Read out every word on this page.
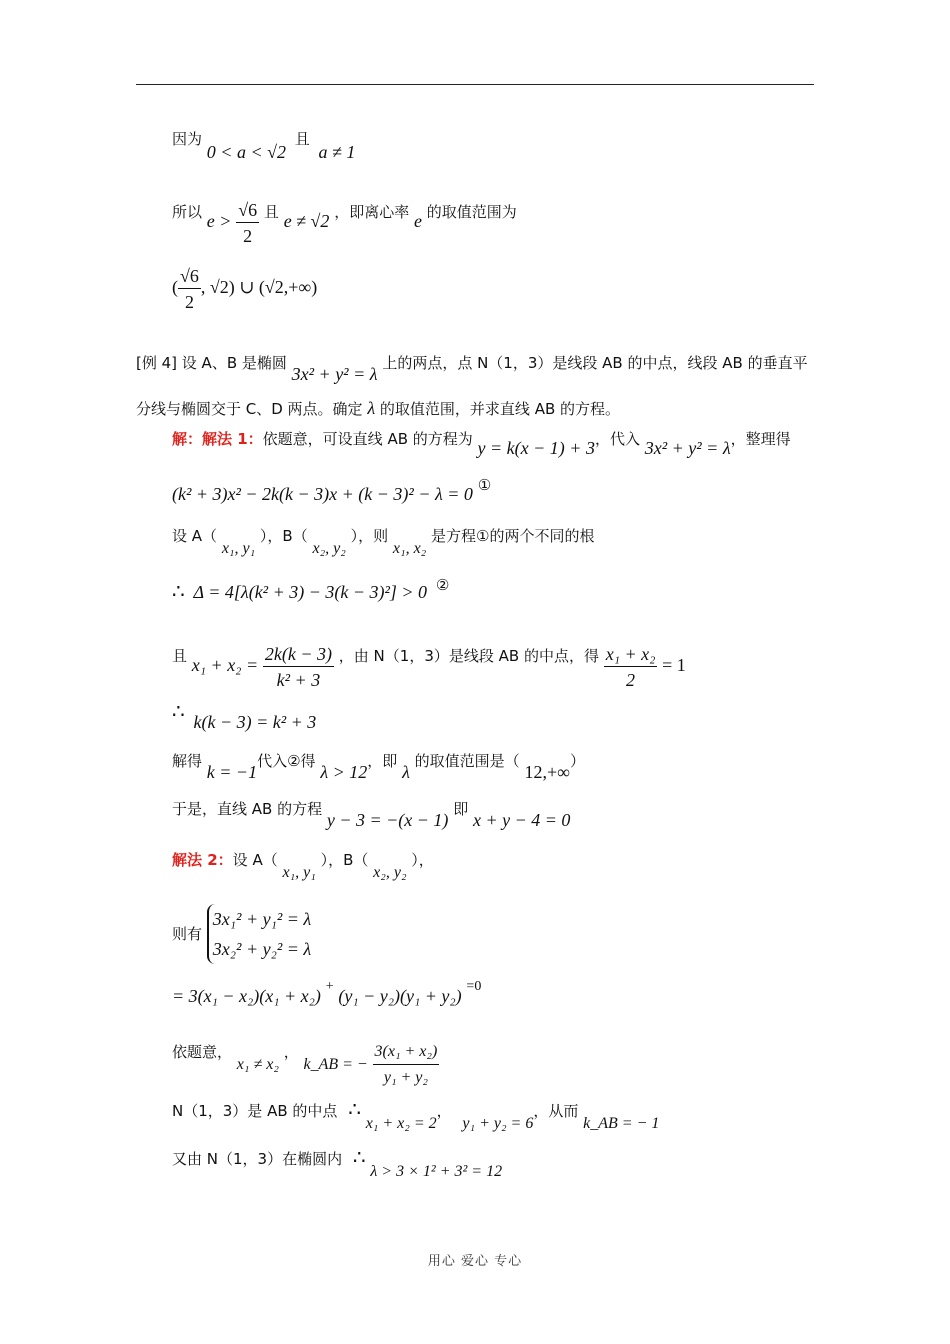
因为 0 < a < √2 且 a ≠ 1
所以 $e > \frac{√6}{2}$ 且 e ≠ √2 ，即离心率 e 的取值范围为
( $\frac{√6}{2}$ , √2) ∪ (√2,+∞)
[例 4] 设 A、B 是椭圆 3x² + y² = λ 上的两点，点 N（1，3）是线段 AB 的中点，线段 AB 的垂直平
分线与椭圆交于 C、D 两点。确定 λ 的取值范围，并求直线 AB 的方程。
解：解法 1：依题意，可设直线 AB 的方程为 y = k(x − 1) + 3，代入 3x² + y² = λ，整理得
(k² + 3)x² − 2k(k − 3)x + (k − 3)² − λ = 0 ①
设 A（ x₁, y₁ ），B（ x₂, y₂ ），则 x₁, x₂ 是方程①的两个不同的根
∴ Δ = 4[λ(k² + 3) − 3(k − 3)²] > 0 ②
且 $x_1 + x_2 = \frac{2k(k - 3)}{\text{k² + 3}}$ ，由 N（1，3）是线段 AB 的中点，得 $\frac{\text{x₁ + x₂}}{2} = 1$
∴ k(k − 3) = k² + 3
解得 k = −1代入②得 λ > 12，即 λ 的取值范围是（ 12,+∞）
于是，直线 AB 的方程 y − 3 = −(x − 1) 即 x + y − 4 = 0
解法 2：设 A（ x₁, y₁ ），B（ x₂, y₂ ），
则有
3x₁² + y₁² = λ
3x₂² + y₂² = λ
= 3(x₁ − x₂)(x₁ + x₂) + (y₁ − y₂)(y₁ + y₂) =0
依题意， x₁ ≠ x₂ ， k_AB = − $\frac{\text{3(x₁ + x₂)}}{\text{y₁ + y₂}}$
N（1，3）是 AB 的中点 ∴ x₁ + x₂ = 2， y₁ + y₂ = 6，从而 k_AB = − 1
又由 N（1，3）在椭圆内 ∴ λ > 3 × 1² + 3² = 12
用心 爱心 专心
